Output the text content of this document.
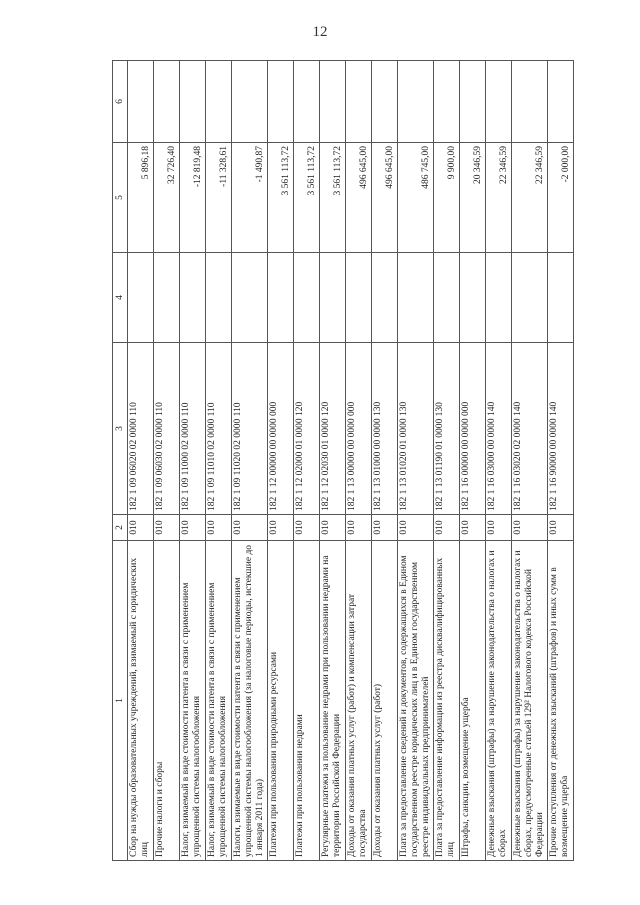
12
1	2	3	4	5	6
Сбор на нужды образовательных учреждений, взимаемый с юридических лиц	010	182 1 09 06020 02 0000 110		5 896,18	
Прочие налоги и сборы	010	182 1 09 06030 02 0000 110		32 726,40	
Налог, взимаемый в виде стоимости патента в связи с применением упрощенной системы налогообложения	010	182 1 09 11000 02 0000 110		-12 819,48	
Налог, взимаемый в виде стоимости патента в связи с применением упрощенной системы налогообложения	010	182 1 09 11010 02 0000 110		-11 328,61	
Налоги, взимаемые в виде стоимости патента в связи с применением упрощенной системы налогообложения (за налоговые периоды, истекшие до 1 января 2011 года)	010	182 1 09 11020 02 0000 110		-1 490,87	
Платежи при пользовании природными ресурсами	010	182 1 12 00000 00 0000 000		3 561 113,72	
Платежи при пользовании недрами	010	182 1 12 02000 01 0000 120		3 561 113,72	
Регулярные платежи за пользование недрами при пользовании недрами на территории Российской Федерации	010	182 1 12 02030 01 0000 120		3 561 113,72	
Доходы от оказания платных услуг (работ) и компенсации затрат государства	010	182 1 13 00000 00 0000 000		496 645,00	
Доходы от оказания платных услуг (работ)	010	182 1 13 01000 00 0000 130		496 645,00	
Плата за предоставление сведений и документов, содержащихся в Едином государственном реестре юридических лиц и в Едином государственном реестре индивидуальных предпринимателей	010	182 1 13 01020 01 0000 130		486 745,00	
Плата за предоставление информации из реестра дисквалифицированных лиц	010	182 1 13 01190 01 0000 130		9 900,00	
Штрафы, санкции, возмещение ущерба	010	182 1 16 00000 00 0000 000		20 346,59	
Денежные взыскания (штрафы) за нарушение законодательства о налогах и сборах	010	182 1 16 03000 00 0000 140		22 346,59	
Денежные взыскания (штрафы) за нарушение законодательства о налогах и сборах, предусмотренные статьей 129² Налогового кодекса Российской Федерации	010	182 1 16 03020 02 0000 140		22 346,59	
Прочие поступления от денежных взысканий (штрафов) и иных сумм в возмещение ущерба	010	182 1 16 90000 00 0000 140		-2 000,00	
